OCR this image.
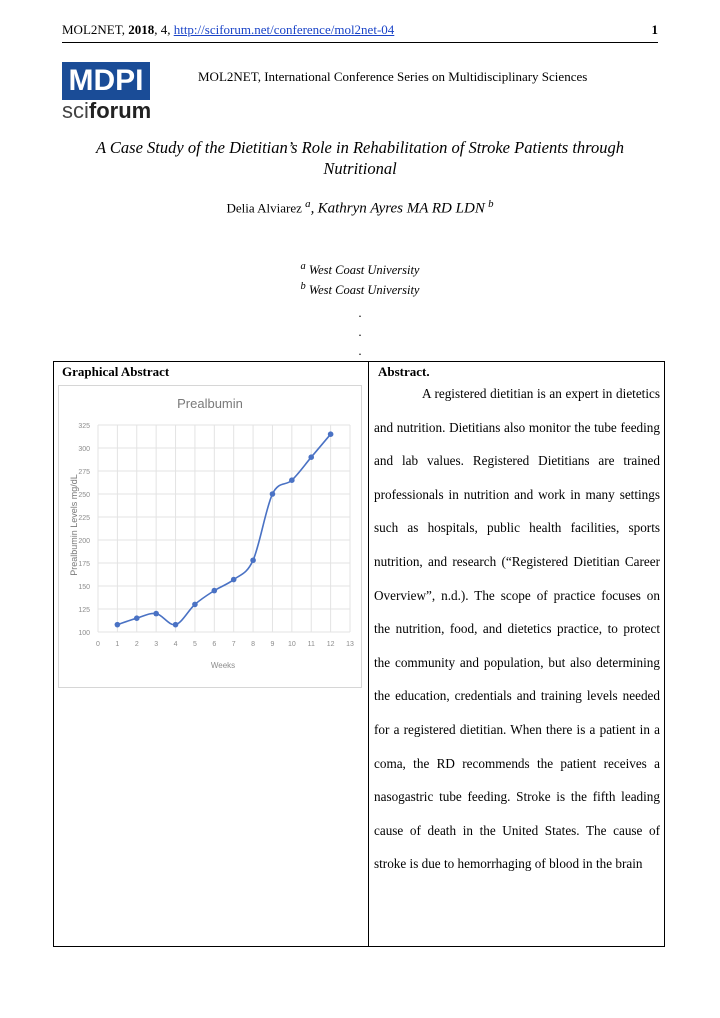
MOL2NET, 2018, 4, http://sciforum.net/conference/mol2net-04	1
MDPI
sciforum
MOL2NET, International Conference Series on Multidisciplinary Sciences
A Case Study of the Dietitian’s Role in Rehabilitation of Stroke Patients through
Nutritional
Delia Alviarez $^a$, Kathryn Ayres MA RD LDN $^b$
$^a$ West Coast University
$^b$ West Coast University
.
.
.
Graphical Abstract	Abstract.

A registered dietitian is an expert in dietetics and nutrition. Dietitians also monitor the tube feeding and lab values. Registered Dietitians are trained professionals in nutrition and work in many settings such as hospitals, public health facilities, sports nutrition, and research (“Registered Dietitian Career Overview”, n.d.). The scope of practice focuses on the nutrition, food, and dietetics practice, to protect the community and population, but also determining the education, credentials and training levels needed for a registered dietitian. When there is a patient in a coma, the RD recommends the patient receives a nasogastric tube feeding. Stroke is the fifth leading cause of death in the United States. The cause of stroke is due to hemorrhaging of blood in the brain

Prealbumin
Weeks
Prealbumin Levels mg/dL
100
125
150
175
200
225
250
275
300
325
0 1 2 3 4 5 6 7 8 9 10 11 12 13
